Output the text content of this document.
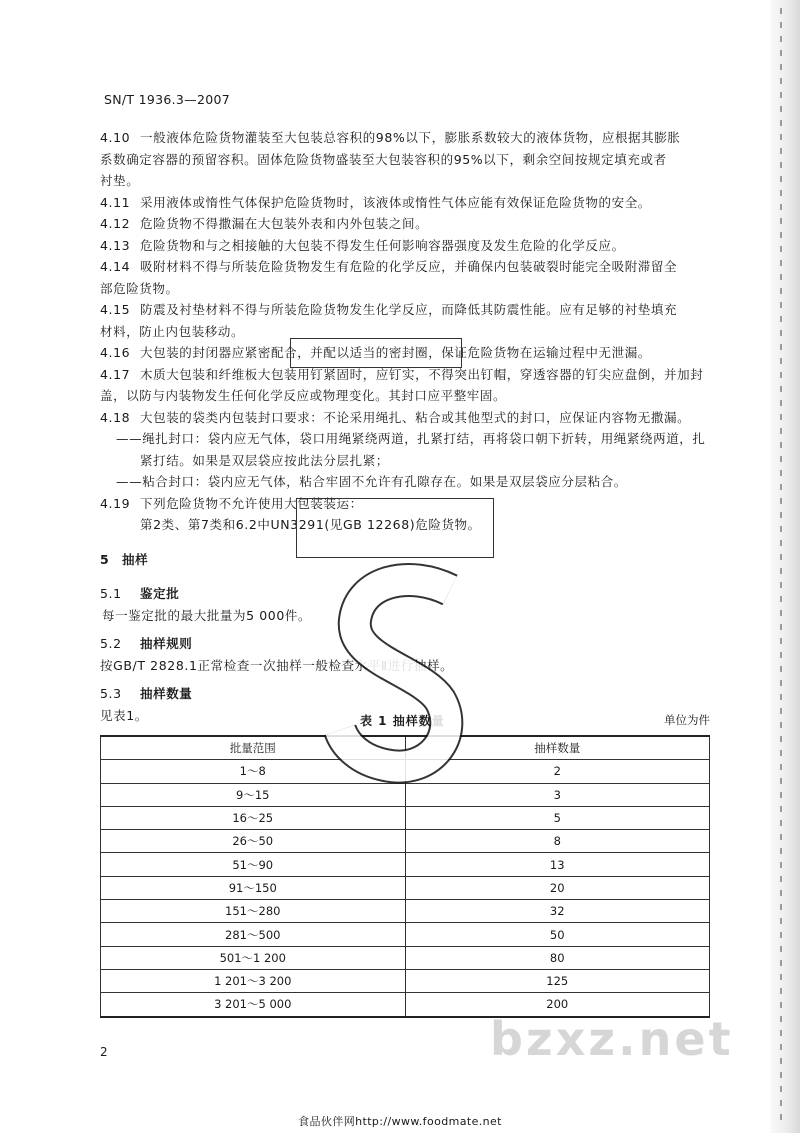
SN/T 1936.3—2007
4.10 一般液体危险货物灌装至大包装总容积的98%以下，膨胀系数较大的液体货物，应根据其膨胀
系数确定容器的预留容积。固体危险货物盛装至大包装容积的95%以下，剩余空间按规定填充或者
衬垫。
4.11 采用液体或惰性气体保护危险货物时，该液体或惰性气体应能有效保证危险货物的安全。
4.12 危险货物不得撒漏在大包装外表和内外包装之间。
4.13 危险货物和与之相接触的大包装不得发生任何影响容器强度及发生危险的化学反应。
4.14 吸附材料不得与所装危险货物发生有危险的化学反应，并确保内包装破裂时能完全吸附滞留全
部危险货物。
4.15 防震及衬垫材料不得与所装危险货物发生化学反应，而降低其防震性能。应有足够的衬垫填充
材料，防止内包装移动。
4.16 大包装的封闭器应紧密配合，并配以适当的密封圈，保证危险货物在运输过程中无泄漏。
4.17 木质大包装和纤维板大包装用钉紧固时，应钉实，不得突出钉帽，穿透容器的钉尖应盘倒，并加封
盖，以防与内装物发生任何化学反应或物理变化。其封口应平整牢固。
4.18 大包装的袋类内包装封口要求：不论采用绳扎、粘合或其他型式的封口，应保证内容物无撒漏。
——绳扎封口：袋内应无气体，袋口用绳紧绕两道，扎紧打结，再将袋口朝下折转，用绳紧绕两道，扎
紧打结。如果是双层袋应按此法分层扎紧；
——粘合封口：袋内应无气体，粘合牢固不允许有孔隙存在。如果是双层袋应分层粘合。
4.19 下列危险货物不允许使用大包装装运：
第2类、第7类和6.2中UN3291(见GB 12268)危险货物。
5	抽样
5.1	鉴定批
每一鉴定批的最大批量为5 000件。
5.2	抽样规则
按GB/T 2828.1正常检查一次抽样一般检查水平Ⅱ进行抽样。
5.3	抽样数量
见表1。	表 1 抽样数量	单位为件
批量范围	抽样数量
1～8	2
9～15	3
16～25	5
26～50	8
51～90	13
91～150	20
151～280	32
281～500	50
501～1 200	80
1 201～3 200	125
3 201～5 000	200
2	bzxz.net
食品伙伴网http://www.foodmate.net
